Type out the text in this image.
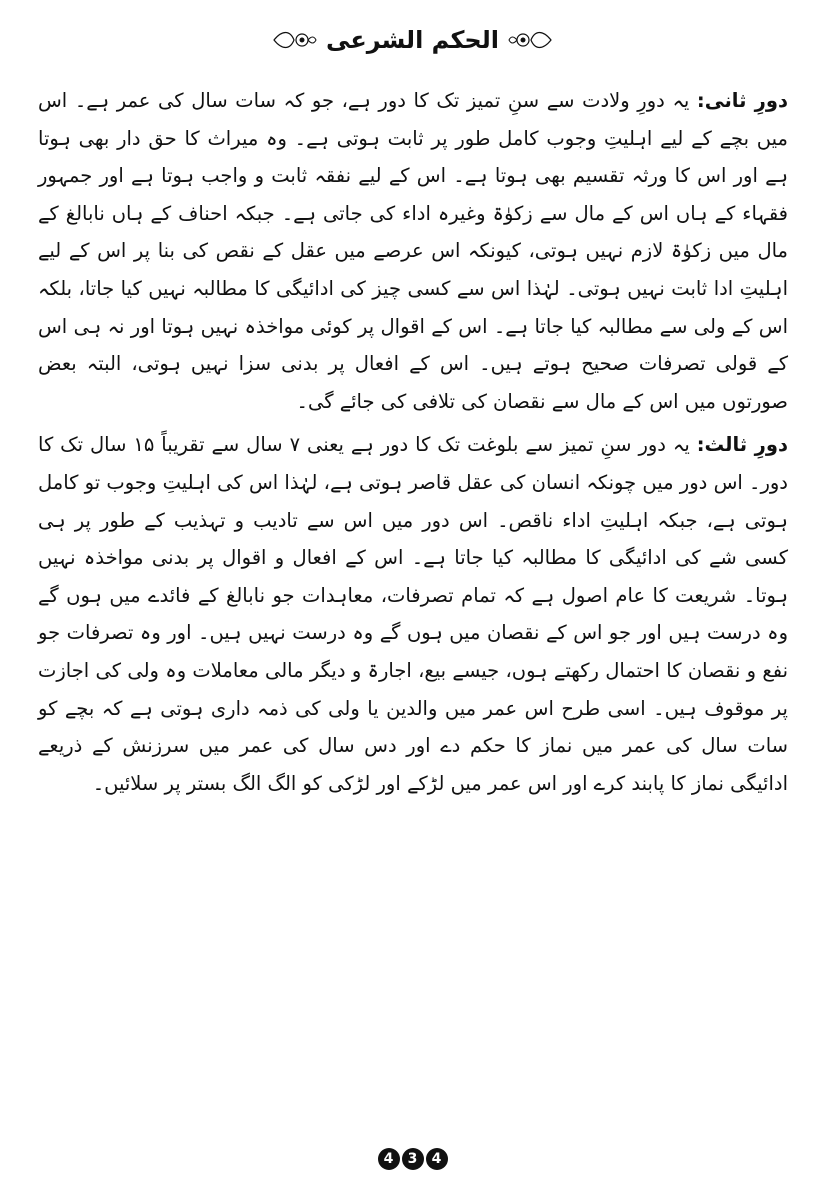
الحکم الشرعی

دورِ ثانی: یہ دورِ ولادت سے سنِ تمیز تک کا دور ہے، جو کہ سات سال کی عمر ہے۔ اس میں بچے کے لیے اہلیتِ وجوب کامل طور پر ثابت ہوتی ہے۔ وہ میراث کا حق دار بھی ہوتا ہے اور اس کا ورثہ تقسیم بھی ہوتا ہے۔ اس کے لیے نفقہ ثابت و واجب ہوتا ہے اور جمہور فقہاء کے ہاں اس کے مال سے زکوٰۃ وغیرہ اداء کی جاتی ہے۔ جبکہ احناف کے ہاں نابالغ کے مال میں زکوٰۃ لازم نہیں ہوتی، کیونکہ اس عرصے میں عقل کے نقص کی بنا پر اس کے لیے اہلیتِ ادا ثابت نہیں ہوتی۔ لہٰذا اس سے کسی چیز کی ادائیگی کا مطالبہ نہیں کیا جاتا، بلکہ اس کے ولی سے مطالبہ کیا جاتا ہے۔ اس کے اقوال پر کوئی مواخذہ نہیں ہوتا اور نہ ہی اس کے قولی تصرفات صحیح ہوتے ہیں۔ اس کے افعال پر بدنی سزا نہیں ہوتی، البتہ بعض صورتوں میں اس کے مال سے نقصان کی تلافی کی جائے گی۔

دورِ ثالث: یہ دور سنِ تمیز سے بلوغت تک کا دور ہے یعنی ۷ سال سے تقریباً ۱۵ سال تک کا دور۔ اس دور میں چونکہ انسان کی عقل قاصر ہوتی ہے، لہٰذا اس کی اہلیتِ وجوب تو کامل ہوتی ہے، جبکہ اہلیتِ اداء ناقص۔ اس دور میں اس سے تادیب و تہذیب کے طور پر ہی کسی شے کی ادائیگی کا مطالبہ کیا جاتا ہے۔ اس کے افعال و اقوال پر بدنی مواخذہ نہیں ہوتا۔ شریعت کا عام اصول ہے کہ تمام تصرفات، معاہدات جو نابالغ کے فائدے میں ہوں گے وہ درست ہیں اور جو اس کے نقصان میں ہوں گے وہ درست نہیں ہیں۔ اور وہ تصرفات جو نفع و نقصان کا احتمال رکھتے ہوں، جیسے بیع، اجارۃ و دیگر مالی معاملات وہ ولی کی اجازت پر موقوف ہیں۔ اسی طرح اس عمر میں والدین یا ولی کی ذمہ داری ہوتی ہے کہ بچے کو سات سال کی عمر میں نماز کا حکم دے اور دس سال کی عمر میں سرزنش کے ذریعے ادائیگی نماز کا پابند کرے اور اس عمر میں لڑکے اور لڑکی کو الگ الگ بستر پر سلائیں۔

4	3	4
